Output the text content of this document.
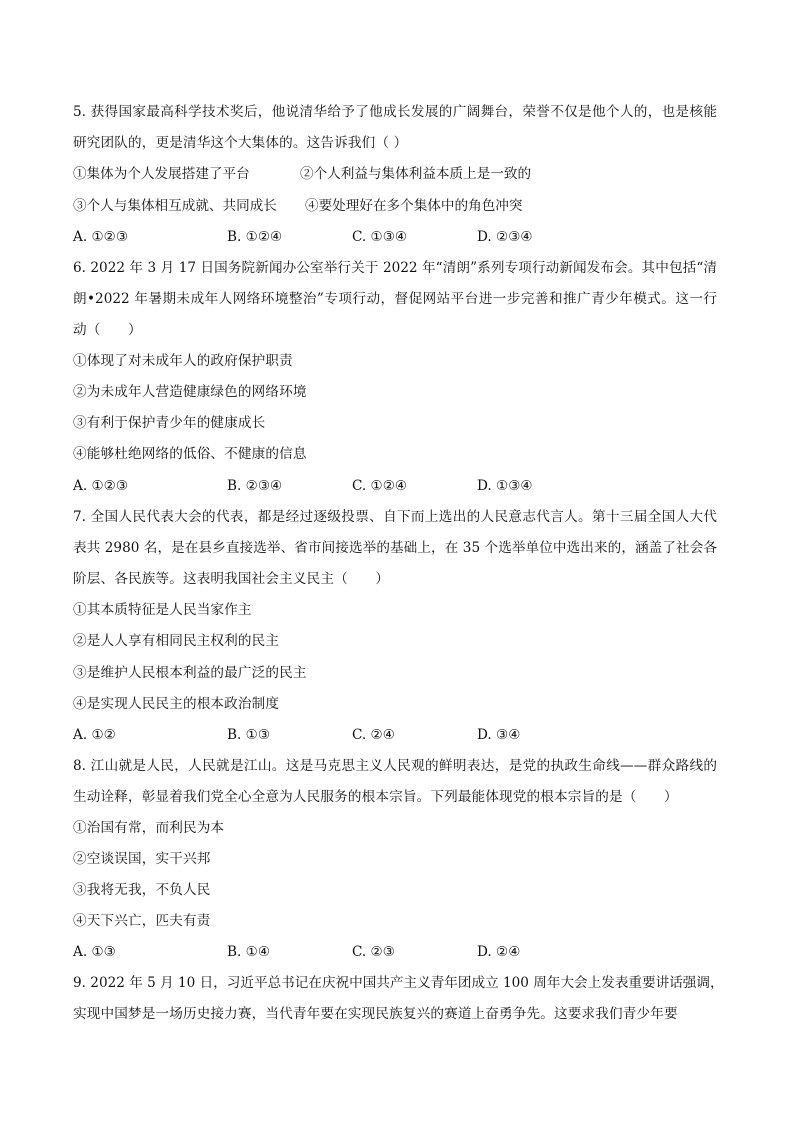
5. 获得国家最高科学技术奖后，他说清华给予了他成长发展的广阔舞台，荣誉不仅是他个人的，也是核能
研究团队的，更是清华这个大集体的。这告诉我们（ ）
①集体为个人发展搭建了平台	②个人利益与集体利益本质上是一致的
③个人与集体相互成就、共同成长 ④要处理好在多个集体中的角色冲突
A. ①②③	B. ①②④	C. ①③④	D. ②③④
6. 2022 年 3 月 17 日国务院新闻办公室举行关于 2022 年“清朗”系列专项行动新闻发布会。其中包括“清
朗•2022 年暑期未成年人网络环境整治”专项行动，督促网站平台进一步完善和推广青少年模式。这一行
动（　　）
①体现了对未成年人的政府保护职责
②为未成年人营造健康绿色的网络环境
③有利于保护青少年的健康成长
④能够杜绝网络的低俗、不健康的信息
A. ①②③	B. ②③④	C. ①②④	D. ①③④
7. 全国人民代表大会的代表，都是经过逐级投票、自下而上选出的人民意志代言人。第十三届全国人大代
表共 2980 名，是在县乡直接选举、省市间接选举的基础上，在 35 个选举单位中选出来的，涵盖了社会各
阶层、各民族等。这表明我国社会主义民主（　　）
①其本质特征是人民当家作主
②是人人享有相同民主权利的民主
③是维护人民根本利益的最广泛的民主
④是实现人民民主的根本政治制度
A. ①②	B. ①③	C. ②④	D. ③④
8. 江山就是人民，人民就是江山。这是马克思主义人民观的鲜明表达，是党的执政生命线——群众路线的
生动诠释，彰显着我们党全心全意为人民服务的根本宗旨。下列最能体现党的根本宗旨的是（　　）
①治国有常，而利民为本
②空谈误国，实干兴邦
③我将无我，不负人民
④天下兴亡，匹夫有责
A. ①③	B. ①④	C. ②③	D. ②④
9. 2022 年 5 月 10 日，习近平总书记在庆祝中国共产主义青年团成立 100 周年大会上发表重要讲话强调，
实现中国梦是一场历史接力赛，当代青年要在实现民族复兴的赛道上奋勇争先。这要求我们青少年要
